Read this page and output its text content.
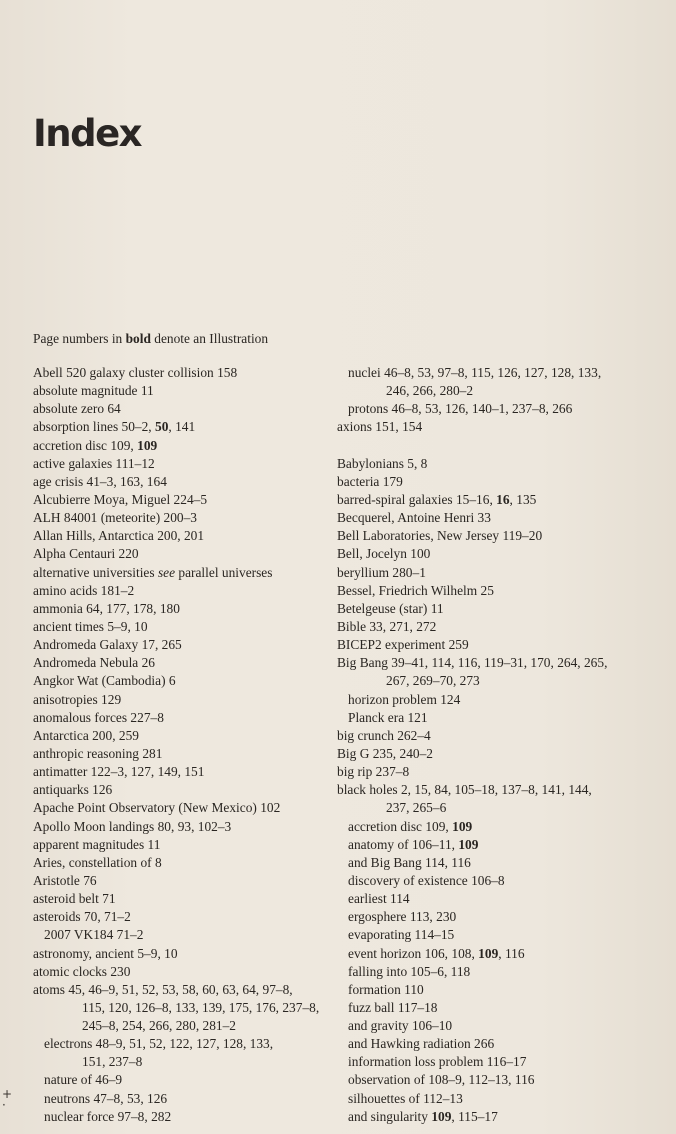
Index

Page numbers in bold denote an Illustration

Abell 520 galaxy cluster collision 158
absolute magnitude 11
absolute zero 64
absorption lines 50–2, 50, 141
accretion disc 109, 109
active galaxies 111–12
age crisis 41–3, 163, 164
Alcubierre Moya, Miguel 224–5
ALH 84001 (meteorite) 200–3
Allan Hills, Antarctica 200, 201
Alpha Centauri 220
alternative universities see parallel universes
amino acids 181–2
ammonia 64, 177, 178, 180
ancient times 5–9, 10
Andromeda Galaxy 17, 265
Andromeda Nebula 26
Angkor Wat (Cambodia) 6
anisotropies 129
anomalous forces 227–8
Antarctica 200, 259
anthropic reasoning 281
antimatter 122–3, 127, 149, 151
antiquarks 126
Apache Point Observatory (New Mexico) 102
Apollo Moon landings 80, 93, 102–3
apparent magnitudes 11
Aries, constellation of 8
Aristotle 76
asteroid belt 71
asteroids 70, 71–2
2007 VK184 71–2
astronomy, ancient 5–9, 10
atomic clocks 230
atoms 45, 46–9, 51, 52, 53, 58, 60, 63, 64, 97–8,
115, 120, 126–8, 133, 139, 175, 176, 237–8,
245–8, 254, 266, 280, 281–2
electrons 48–9, 51, 52, 122, 127, 128, 133,
151, 237–8
nature of 46–9
neutrons 47–8, 53, 126
nuclear force 97–8, 282
nuclei 46–8, 53, 97–8, 115, 126, 127, 128, 133,
246, 266, 280–2
protons 46–8, 53, 126, 140–1, 237–8, 266
axions 151, 154
Babylonians 5, 8
bacteria 179
barred-spiral galaxies 15–16, 16, 135
Becquerel, Antoine Henri 33
Bell Laboratories, New Jersey 119–20
Bell, Jocelyn 100
beryllium 280–1
Bessel, Friedrich Wilhelm 25
Betelgeuse (star) 11
Bible 33, 271, 272
BICEP2 experiment 259
Big Bang 39–41, 114, 116, 119–31, 170, 264, 265,
267, 269–70, 273
horizon problem 124
Planck era 121
big crunch 262–4
Big G 235, 240–2
big rip 237–8
black holes 2, 15, 84, 105–18, 137–8, 141, 144,
237, 265–6
accretion disc 109, 109
anatomy of 106–11, 109
and Big Bang 114, 116
discovery of existence 106–8
earliest 114
ergosphere 113, 230
evaporating 114–15
event horizon 106, 108, 109, 116
falling into 105–6, 118
formation 110
fuzz ball 117–18
and gravity 106–10
and Hawking radiation 266
information loss problem 116–17
observation of 108–9, 112–13, 116
silhouettes of 112–13
and singularity 109, 115–17
+
·
